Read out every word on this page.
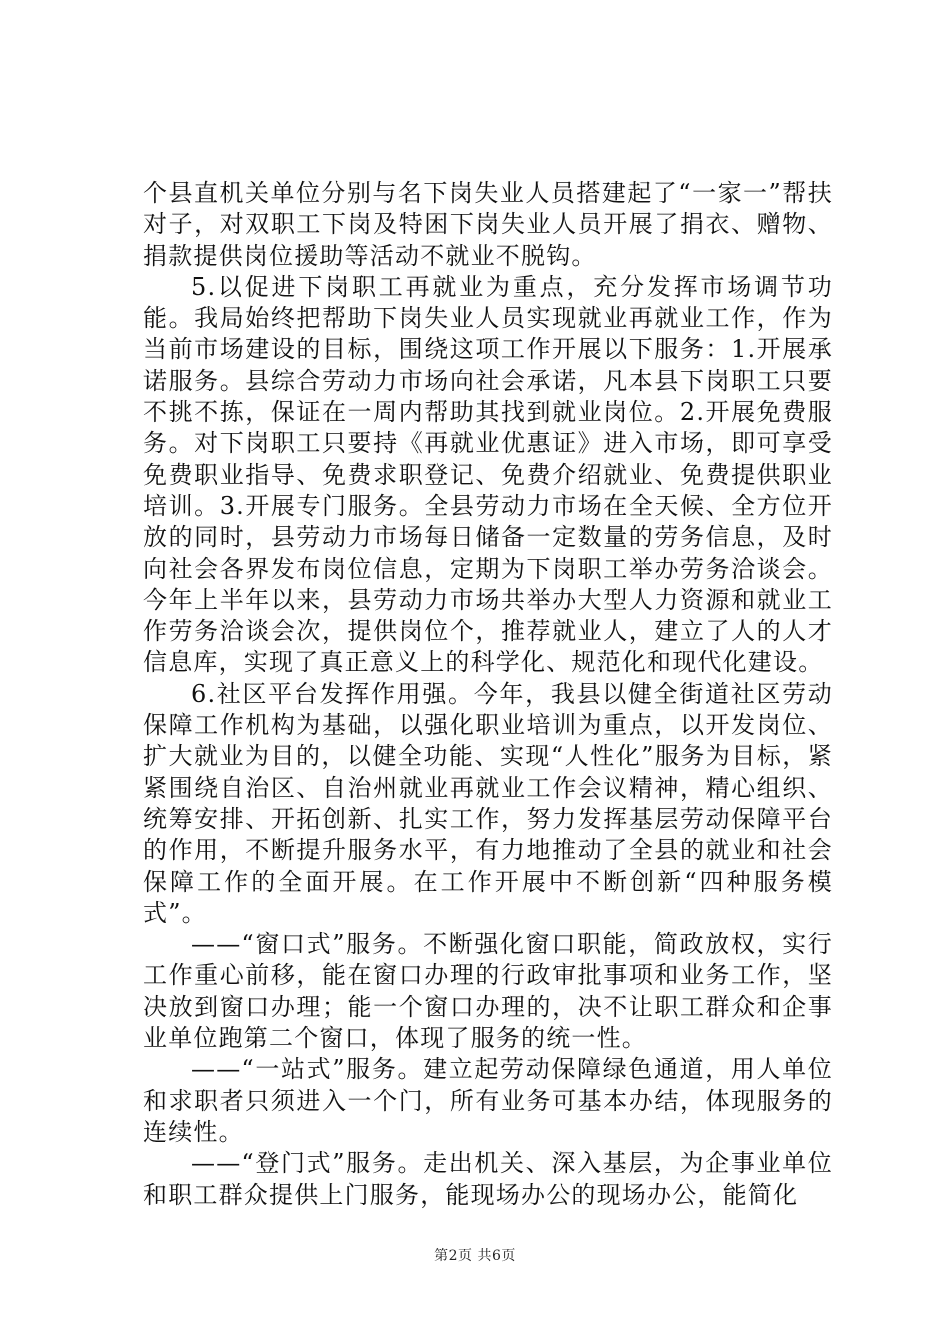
个县直机关单位分别与名下岗失业人员搭建起了“一家一”帮扶对子，对双职工下岗及特困下岗失业人员开展了捐衣、赠物、捐款提供岗位援助等活动不就业不脱钩。

5.以促进下岗职工再就业为重点，充分发挥市场调节功能。我局始终把帮助下岗失业人员实现就业再就业工作，作为当前市场建设的目标，围绕这项工作开展以下服务：1.开展承诺服务。县综合劳动力市场向社会承诺，凡本县下岗职工只要不挑不拣，保证在一周内帮助其找到就业岗位。2.开展免费服务。对下岗职工只要持《再就业优惠证》进入市场，即可享受免费职业指导、免费求职登记、免费介绍就业、免费提供职业培训。3.开展专门服务。全县劳动力市场在全天候、全方位开放的同时，县劳动力市场每日储备一定数量的劳务信息，及时向社会各界发布岗位信息，定期为下岗职工举办劳务洽谈会。今年上半年以来，县劳动力市场共举办大型人力资源和就业工作劳务洽谈会次，提供岗位个，推荐就业人，建立了人的人才信息库，实现了真正意义上的科学化、规范化和现代化建设。

6.社区平台发挥作用强。今年，我县以健全街道社区劳动保障工作机构为基础，以强化职业培训为重点，以开发岗位、扩大就业为目的，以健全功能、实现“人性化”服务为目标，紧紧围绕自治区、自治州就业再就业工作会议精神，精心组织、统筹安排、开拓创新、扎实工作，努力发挥基层劳动保障平台的作用，不断提升服务水平，有力地推动了全县的就业和社会保障工作的全面开展。在工作开展中不断创新“四种服务模式”。

——“窗口式”服务。不断强化窗口职能，简政放权，实行工作重心前移，能在窗口办理的行政审批事项和业务工作，坚决放到窗口办理；能一个窗口办理的，决不让职工群众和企事业单位跑第二个窗口，体现了服务的统一性。

——“一站式”服务。建立起劳动保障绿色通道，用人单位和求职者只须进入一个门，所有业务可基本办结，体现服务的连续性。

——“登门式”服务。走出机关、深入基层，为企事业单位和职工群众提供上门服务，能现场办公的现场办公，能简化

第2页 共6页
